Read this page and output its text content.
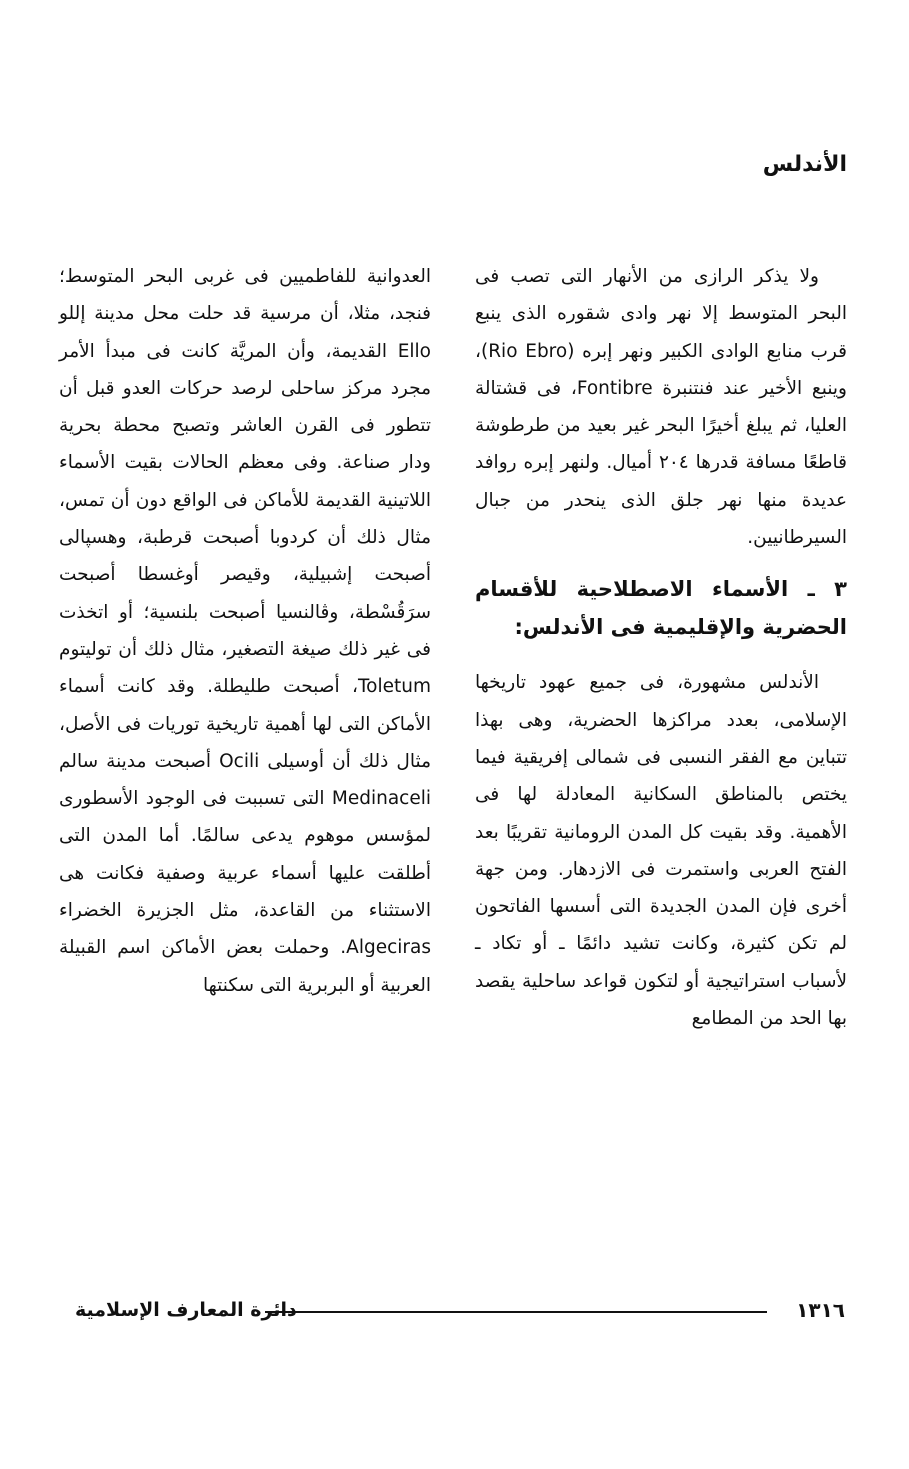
الأندلس

ولا يذكر الرازى من الأنهار التى تصب فى البحر المتوسط إلا نهر وادى شقوره الذى ينبع قرب منابع الوادى الكبير ونهر إبره (Rio Ebro)، وينبع الأخير عند فنتنبرة Fontibre، فى قشتالة العليا، ثم يبلغ أخيرًا البحر غير بعيد من طرطوشة قاطعًا مسافة قدرها ٢٠٤ أميال. ولنهر إبره روافد عديدة منها نهر جلق الذى ينحدر من جبال السيرطانيين.

٣ ـ الأسماء الاصطلاحية للأقسام الحضرية والإقليمية فى الأندلس:

الأندلس مشهورة، فى جميع عهود تاريخها الإسلامى، بعدد مراكزها الحضرية، وهى بهذا تتباين مع الفقر النسبى فى شمالى إفريقية فيما يختص بالمناطق السكانية المعادلة لها فى الأهمية. وقد بقيت كل المدن الرومانية تقريبًا بعد الفتح العربى واستمرت فى الازدهار. ومن جهة أخرى فإن المدن الجديدة التى أسسها الفاتحون لم تكن كثيرة، وكانت تشيد دائمًا ـ أو تكاد ـ لأسباب استراتيجية أو لتكون قواعد ساحلية يقصد بها الحد من المطامع

العدوانية للفاطميين فى غربى البحر المتوسط؛ فنجد، مثلا، أن مرسية قد حلت محل مدينة إللو Ello القديمة، وأن المريَّة كانت فى مبدأ الأمر مجرد مركز ساحلى لرصد حركات العدو قبل أن تتطور فى القرن العاشر وتصبح محطة بحرية ودار صناعة. وفى معظم الحالات بقيت الأسماء اللاتينية القديمة للأماكن فى الواقع دون أن تمس، مثال ذلك أن كردوبا أصبحت قرطبة، وهسپالى أصبحت إشبيلية، وقيصر أوغسطا أصبحت سرَقُسْطة، وڤالنسيا أصبحت بلنسية؛ أو اتخذت فى غير ذلك صيغة التصغير، مثال ذلك أن توليتوم Toletum، أصبحت طليطلة. وقد كانت أسماء الأماكن التى لها أهمية تاريخية توريات فى الأصل، مثال ذلك أن أوسيلى Ocili أصبحت مدينة سالم Medinaceli التى تسببت فى الوجود الأسطورى لمؤسس موهوم يدعى سالمًا. أما المدن التى أطلقت عليها أسماء عربية وصفية فكانت هى الاستثناء من القاعدة، مثل الجزيرة الخضراء Algeciras. وحملت بعض الأماكن اسم القبيلة العربية أو البربرية التى سكنتها

١٣١٦
دائرة المعارف الإسلامية
